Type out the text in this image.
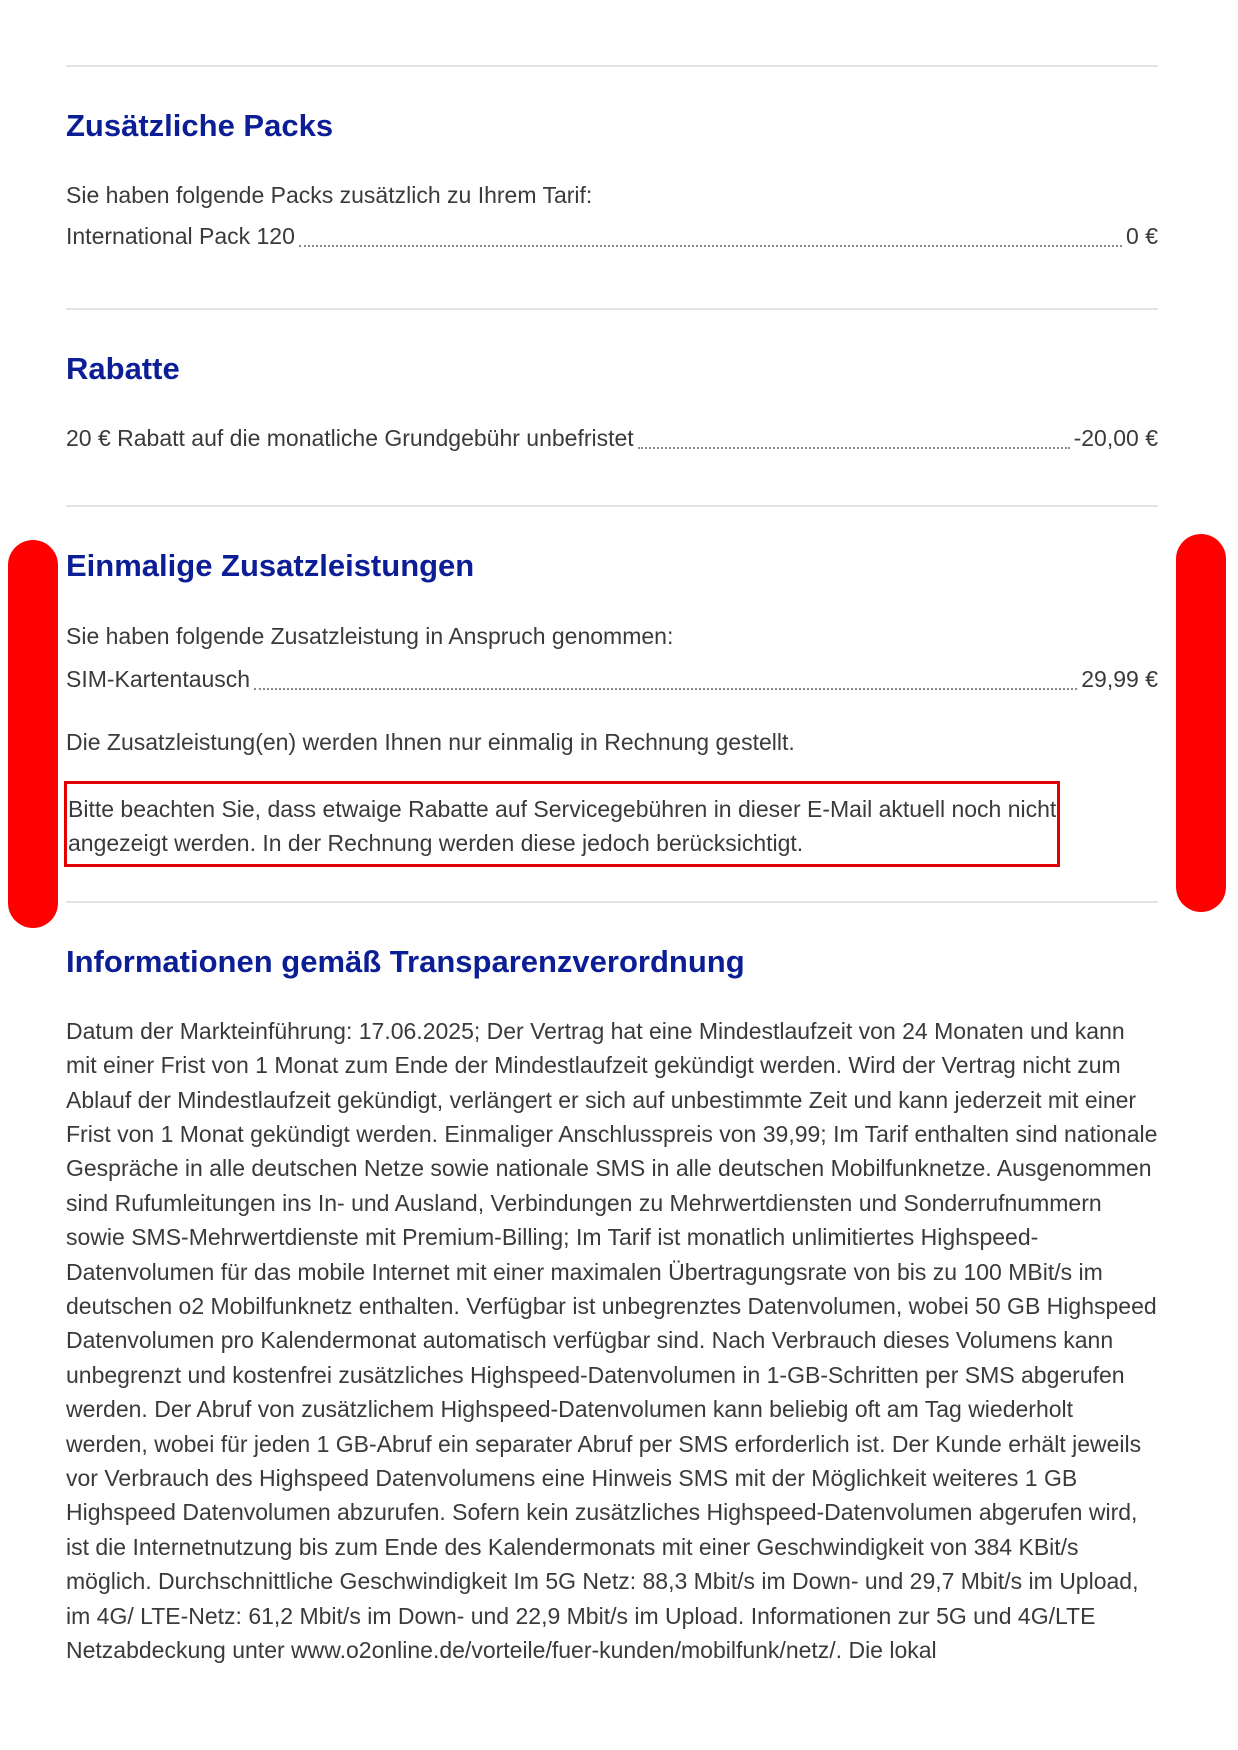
Zusätzliche Packs

Sie haben folgende Packs zusätzlich zu Ihrem Tarif:

International Pack 120	0 €
Rabatte
20 € Rabatt auf die monatliche Grundgebühr unbefristet	-20,00 €
Einmalige Zusatzleistungen

Sie haben folgende Zusatzleistung in Anspruch genommen:

SIM-Kartentausch	29,99 €

Die Zusatzleistung(en) werden Ihnen nur einmalig in Rechnung gestellt.

Bitte beachten Sie, dass etwaige Rabatte auf Servicegebühren in dieser E-Mail aktuell noch nicht angezeigt werden. In der Rechnung werden diese jedoch berücksichtigt.

Informationen gemäß Transparenzverordnung

Datum der Markteinführung: 17.06.2025; Der Vertrag hat eine Mindestlaufzeit von 24 Monaten und kann mit einer Frist von 1 Monat zum Ende der Mindestlaufzeit gekündigt werden. Wird der Vertrag nicht zum Ablauf der Mindestlaufzeit gekündigt, verlängert er sich auf unbestimmte Zeit und kann jederzeit mit einer Frist von 1 Monat gekündigt werden. Einmaliger Anschlusspreis von 39,99; Im Tarif enthalten sind nationale Gespräche in alle deutschen Netze sowie nationale SMS in alle deutschen Mobilfunknetze. Ausgenommen sind Rufumleitungen ins In- und Ausland, Verbindungen zu Mehrwertdiensten und Sonderrufnummern sowie SMS-Mehrwertdienste mit Premium-Billing; Im Tarif ist monatlich unlimitiertes Highspeed-Datenvolumen für das mobile Internet mit einer maximalen Übertragungsrate von bis zu 100 MBit/s im deutschen o2 Mobilfunknetz enthalten. Verfügbar ist unbegrenztes Datenvolumen, wobei 50 GB Highspeed Datenvolumen pro Kalendermonat automatisch verfügbar sind. Nach Verbrauch dieses Volumens kann unbegrenzt und kostenfrei zusätzliches Highspeed-Datenvolumen in 1-GB-Schritten per SMS abgerufen werden. Der Abruf von zusätzlichem Highspeed-Datenvolumen kann beliebig oft am Tag wiederholt werden, wobei für jeden 1 GB-Abruf ein separater Abruf per SMS erforderlich ist. Der Kunde erhält jeweils vor Verbrauch des Highspeed Datenvolumens eine Hinweis SMS mit der Möglichkeit weiteres 1 GB Highspeed Datenvolumen abzurufen. Sofern kein zusätzliches Highspeed-Datenvolumen abgerufen wird, ist die Internetnutzung bis zum Ende des Kalendermonats mit einer Geschwindigkeit von 384 KBit/s möglich. Durchschnittliche Geschwindigkeit Im 5G Netz: 88,3 Mbit/s im Down- und 29,7 Mbit/s im Upload, im 4G/ LTE-Netz: 61,2 Mbit/s im Down- und 22,9 Mbit/s im Upload. Informationen zur 5G und 4G/LTE Netzabdeckung unter www.o2online.de/vorteile/fuer-kunden/mobilfunk/netz/. Die lokal
